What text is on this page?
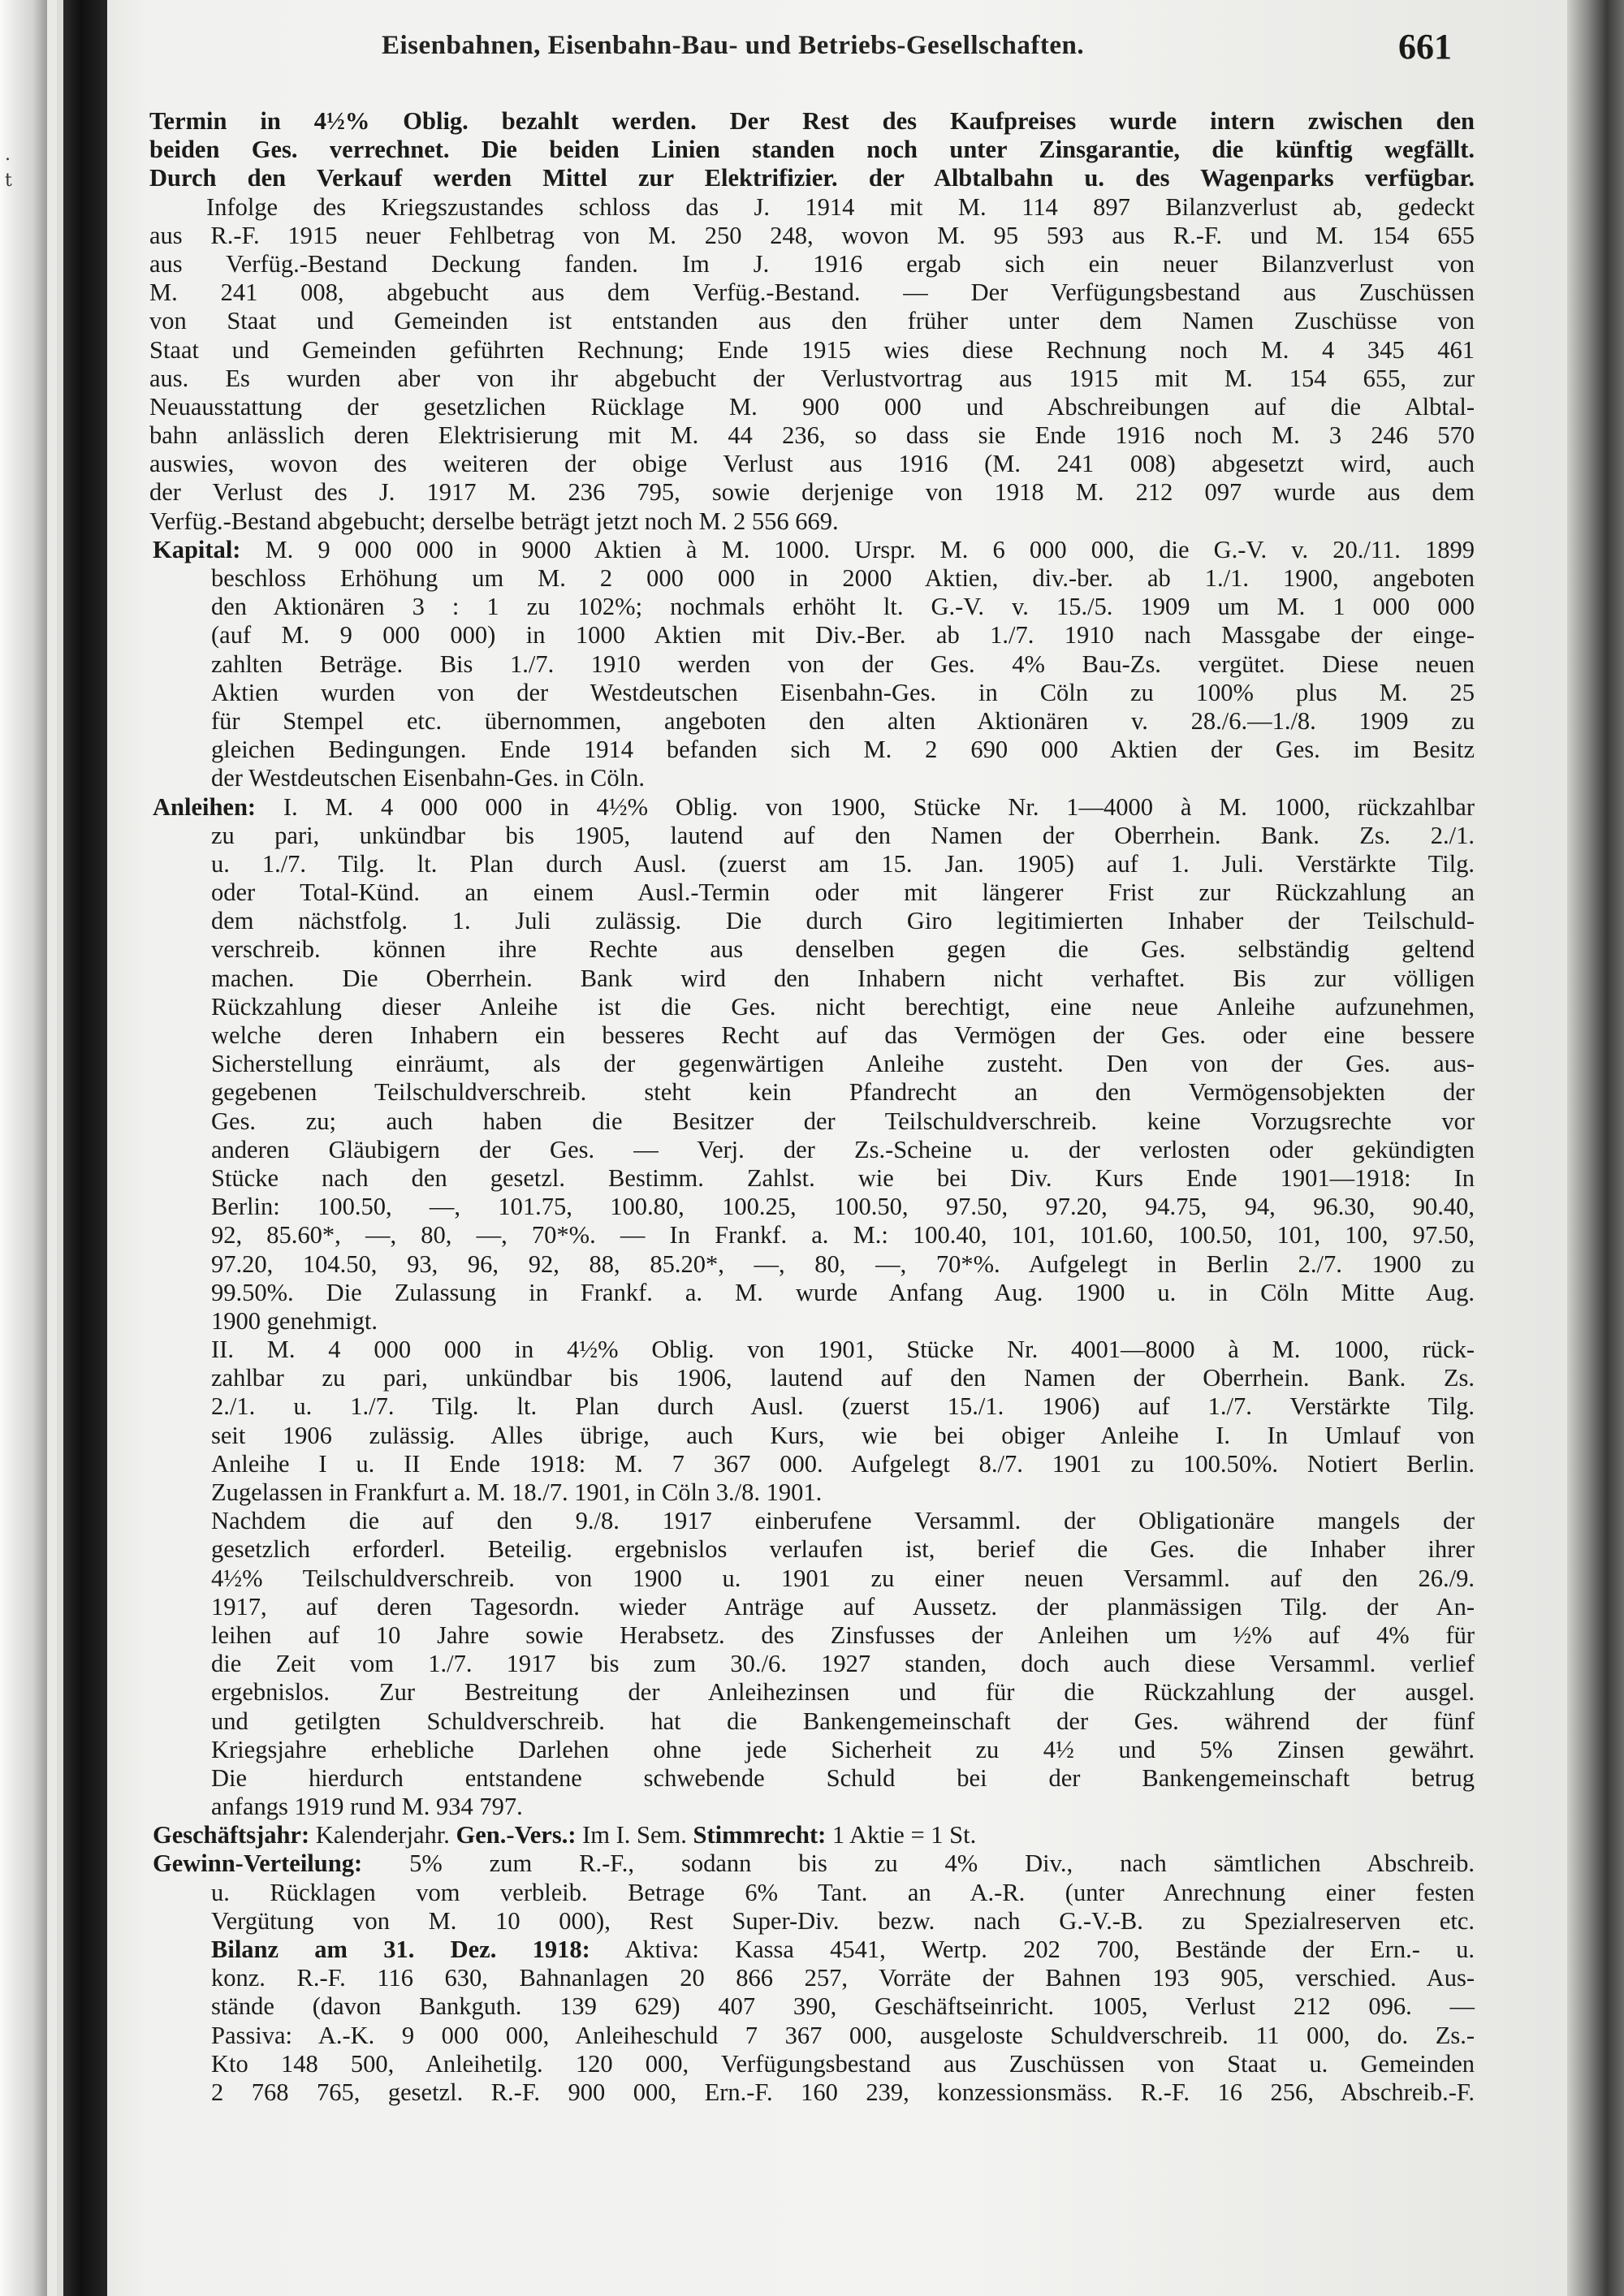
.
t
Eisenbahnen, Eisenbahn-Bau- und Betriebs-Gesellschaften.	661
Termin in 4½% Oblig. bezahlt werden. Der Rest des Kaufpreises wurde intern zwischen den
beiden Ges. verrechnet. Die beiden Linien standen noch unter Zinsgarantie, die künftig wegfällt.
Durch den Verkauf werden Mittel zur Elektrifizier. der Albtalbahn u. des Wagenparks verfügbar.
Infolge des Kriegszustandes schloss das J. 1914 mit M. 114 897 Bilanzverlust ab, gedeckt
aus R.-F. 1915 neuer Fehlbetrag von M. 250 248, wovon M. 95 593 aus R.-F. und M. 154 655
aus Verfüg.-Bestand Deckung fanden. Im J. 1916 ergab sich ein neuer Bilanzverlust von
M. 241 008, abgebucht aus dem Verfüg.-Bestand. — Der Verfügungsbestand aus Zuschüssen
von Staat und Gemeinden ist entstanden aus den früher unter dem Namen Zuschüsse von
Staat und Gemeinden geführten Rechnung; Ende 1915 wies diese Rechnung noch M. 4 345 461
aus. Es wurden aber von ihr abgebucht der Verlustvortrag aus 1915 mit M. 154 655, zur
Neuausstattung der gesetzlichen Rücklage M. 900 000 und Abschreibungen auf die Albtal-
bahn anlässlich deren Elektrisierung mit M. 44 236, so dass sie Ende 1916 noch M. 3 246 570
auswies, wovon des weiteren der obige Verlust aus 1916 (M. 241 008) abgesetzt wird, auch
der Verlust des J. 1917 M. 236 795, sowie derjenige von 1918 M. 212 097 wurde aus dem
Verfüg.-Bestand abgebucht; derselbe beträgt jetzt noch M. 2 556 669.
Kapital: M. 9 000 000 in 9000 Aktien à M. 1000. Urspr. M. 6 000 000, die G.-V. v. 20./11. 1899
beschloss Erhöhung um M. 2 000 000 in 2000 Aktien, div.-ber. ab 1./1. 1900, angeboten
den Aktionären 3 : 1 zu 102%; nochmals erhöht lt. G.-V. v. 15./5. 1909 um M. 1 000 000
(auf M. 9 000 000) in 1000 Aktien mit Div.-Ber. ab 1./7. 1910 nach Massgabe der einge-
zahlten Beträge. Bis 1./7. 1910 werden von der Ges. 4% Bau-Zs. vergütet. Diese neuen
Aktien wurden von der Westdeutschen Eisenbahn-Ges. in Cöln zu 100% plus M. 25
für Stempel etc. übernommen, angeboten den alten Aktionären v. 28./6.—1./8. 1909 zu
gleichen Bedingungen. Ende 1914 befanden sich M. 2 690 000 Aktien der Ges. im Besitz
der Westdeutschen Eisenbahn-Ges. in Cöln.
Anleihen: I. M. 4 000 000 in 4½% Oblig. von 1900, Stücke Nr. 1—4000 à M. 1000, rückzahlbar
zu pari, unkündbar bis 1905, lautend auf den Namen der Oberrhein. Bank. Zs. 2./1.
u. 1./7. Tilg. lt. Plan durch Ausl. (zuerst am 15. Jan. 1905) auf 1. Juli. Verstärkte Tilg.
oder Total-Künd. an einem Ausl.-Termin oder mit längerer Frist zur Rückzahlung an
dem nächstfolg. 1. Juli zulässig. Die durch Giro legitimierten Inhaber der Teilschuld-
verschreib. können ihre Rechte aus denselben gegen die Ges. selbständig geltend
machen. Die Oberrhein. Bank wird den Inhabern nicht verhaftet. Bis zur völligen
Rückzahlung dieser Anleihe ist die Ges. nicht berechtigt, eine neue Anleihe aufzunehmen,
welche deren Inhabern ein besseres Recht auf das Vermögen der Ges. oder eine bessere
Sicherstellung einräumt, als der gegenwärtigen Anleihe zusteht. Den von der Ges. aus-
gegebenen Teilschuldverschreib. steht kein Pfandrecht an den Vermögensobjekten der
Ges. zu; auch haben die Besitzer der Teilschuldverschreib. keine Vorzugsrechte vor
anderen Gläubigern der Ges. — Verj. der Zs.-Scheine u. der verlosten oder gekündigten
Stücke nach den gesetzl. Bestimm. Zahlst. wie bei Div. Kurs Ende 1901—1918: In
Berlin: 100.50, —, 101.75, 100.80, 100.25, 100.50, 97.50, 97.20, 94.75, 94, 96.30, 90.40,
92, 85.60*, —, 80, —, 70*%. — In Frankf. a. M.: 100.40, 101, 101.60, 100.50, 101, 100, 97.50,
97.20, 104.50, 93, 96, 92, 88, 85.20*, —, 80, —, 70*%. Aufgelegt in Berlin 2./7. 1900 zu
99.50%. Die Zulassung in Frankf. a. M. wurde Anfang Aug. 1900 u. in Cöln Mitte Aug.
1900 genehmigt.
II. M. 4 000 000 in 4½% Oblig. von 1901, Stücke Nr. 4001—8000 à M. 1000, rück-
zahlbar zu pari, unkündbar bis 1906, lautend auf den Namen der Oberrhein. Bank. Zs.
2./1. u. 1./7. Tilg. lt. Plan durch Ausl. (zuerst 15./1. 1906) auf 1./7. Verstärkte Tilg.
seit 1906 zulässig. Alles übrige, auch Kurs, wie bei obiger Anleihe I. In Umlauf von
Anleihe I u. II Ende 1918: M. 7 367 000. Aufgelegt 8./7. 1901 zu 100.50%. Notiert Berlin.
Zugelassen in Frankfurt a. M. 18./7. 1901, in Cöln 3./8. 1901.
Nachdem die auf den 9./8. 1917 einberufene Versamml. der Obligationäre mangels der
gesetzlich erforderl. Beteilig. ergebnislos verlaufen ist, berief die Ges. die Inhaber ihrer
4½% Teilschuldverschreib. von 1900 u. 1901 zu einer neuen Versamml. auf den 26./9.
1917, auf deren Tagesordn. wieder Anträge auf Aussetz. der planmässigen Tilg. der An-
leihen auf 10 Jahre sowie Herabsetz. des Zinsfusses der Anleihen um ½% auf 4% für
die Zeit vom 1./7. 1917 bis zum 30./6. 1927 standen, doch auch diese Versamml. verlief
ergebnislos. Zur Bestreitung der Anleihezinsen und für die Rückzahlung der ausgel.
und getilgten Schuldverschreib. hat die Bankengemeinschaft der Ges. während der fünf
Kriegsjahre erhebliche Darlehen ohne jede Sicherheit zu 4½ und 5% Zinsen gewährt.
Die hierdurch entstandene schwebende Schuld bei der Bankengemeinschaft betrug
anfangs 1919 rund M. 934 797.
Geschäftsjahr: Kalenderjahr. Gen.-Vers.: Im I. Sem. Stimmrecht: 1 Aktie = 1 St.
Gewinn-Verteilung: 5% zum R.-F., sodann bis zu 4% Div., nach sämtlichen Abschreib.
u. Rücklagen vom verbleib. Betrage 6% Tant. an A.-R. (unter Anrechnung einer festen
Vergütung von M. 10 000), Rest Super-Div. bezw. nach G.-V.-B. zu Spezialreserven etc.
Bilanz am 31. Dez. 1918: Aktiva: Kassa 4541, Wertp. 202 700, Bestände der Ern.- u.
konz. R.-F. 116 630, Bahnanlagen 20 866 257, Vorräte der Bahnen 193 905, verschied. Aus-
stände (davon Bankguth. 139 629) 407 390, Geschäftseinricht. 1005, Verlust 212 096. —
Passiva: A.-K. 9 000 000, Anleiheschuld 7 367 000, ausgeloste Schuldverschreib. 11 000, do. Zs.-
Kto 148 500, Anleihetilg. 120 000, Verfügungsbestand aus Zuschüssen von Staat u. Gemeinden
2 768 765, gesetzl. R.-F. 900 000, Ern.-F. 160 239, konzessionsmäss. R.-F. 16 256, Abschreib.-F.
